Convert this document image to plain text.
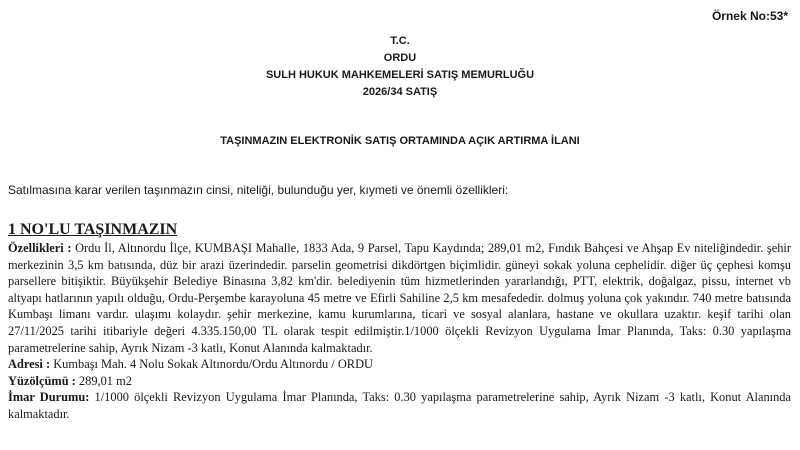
Örnek No:53*
T.C.
ORDU
SULH HUKUK MAHKEMELERİ SATIŞ MEMURLUĞU
2026/34 SATIŞ
TAŞINMAZIN ELEKTRONİK SATIŞ ORTAMINDA AÇIK ARTIRMA İLANI
Satılmasına karar verilen taşınmazın cinsi, niteliği, bulunduğu yer, kıymeti ve önemli özellikleri:
1 NO'LU TAŞINMAZIN

Özellikleri : Ordu İl, Altınordu İlçe, KUMBAŞI Mahalle, 1833 Ada, 9 Parsel, Tapu Kaydında; 289,01 m2, Fındık Bahçesi ve Ahşap Ev niteliğindedir. şehir merkezinin 3,5 km batısında, düz bir arazi üzerindedir. parselin geometrisi dikdörtgen biçimlidir. güneyi sokak yoluna cephelidir. diğer üç çephesi komşu parsellere bitişiktir. Büyükşehir Belediye Binasına 3,82 km'dir. belediyenin tüm hizmetlerinden yararlandığı, PTT, elektrik, doğalgaz, pissu, internet vb altyapı hatlarının yapılı olduğu, Ordu-Perşembe karayoluna 45 metre ve Efirli Sahiline 2,5 km mesafededir. dolmuş yoluna çok yakındır. 740 metre batısında Kumbaşı limanı vardır. ulaşımı kolaydır. şehir merkezine, kamu kurumlarına, ticari ve sosyal alanlara, hastane ve okullara uzaktır. keşif tarihi olan 27/11/2025 tarihi itibariyle değeri 4.335.150,00 TL olarak tespit edilmiştir.1/1000 ölçekli Revizyon Uygulama İmar Planında, Taks: 0.30 yapılaşma parametrelerine sahip, Ayrık Nizam -3 katlı, Konut Alanında kalmaktadır.

Adresi : Kumbaşı Mah. 4 Nolu Sokak Altınordu/Ordu Altınordu / ORDU

Yüzölçümü : 289,01 m2

İmar Durumu: 1/1000 ölçekli Revizyon Uygulama İmar Planında, Taks: 0.30 yapılaşma parametrelerine sahip, Ayrık Nizam -3 katlı, Konut Alanında kalmaktadır.
